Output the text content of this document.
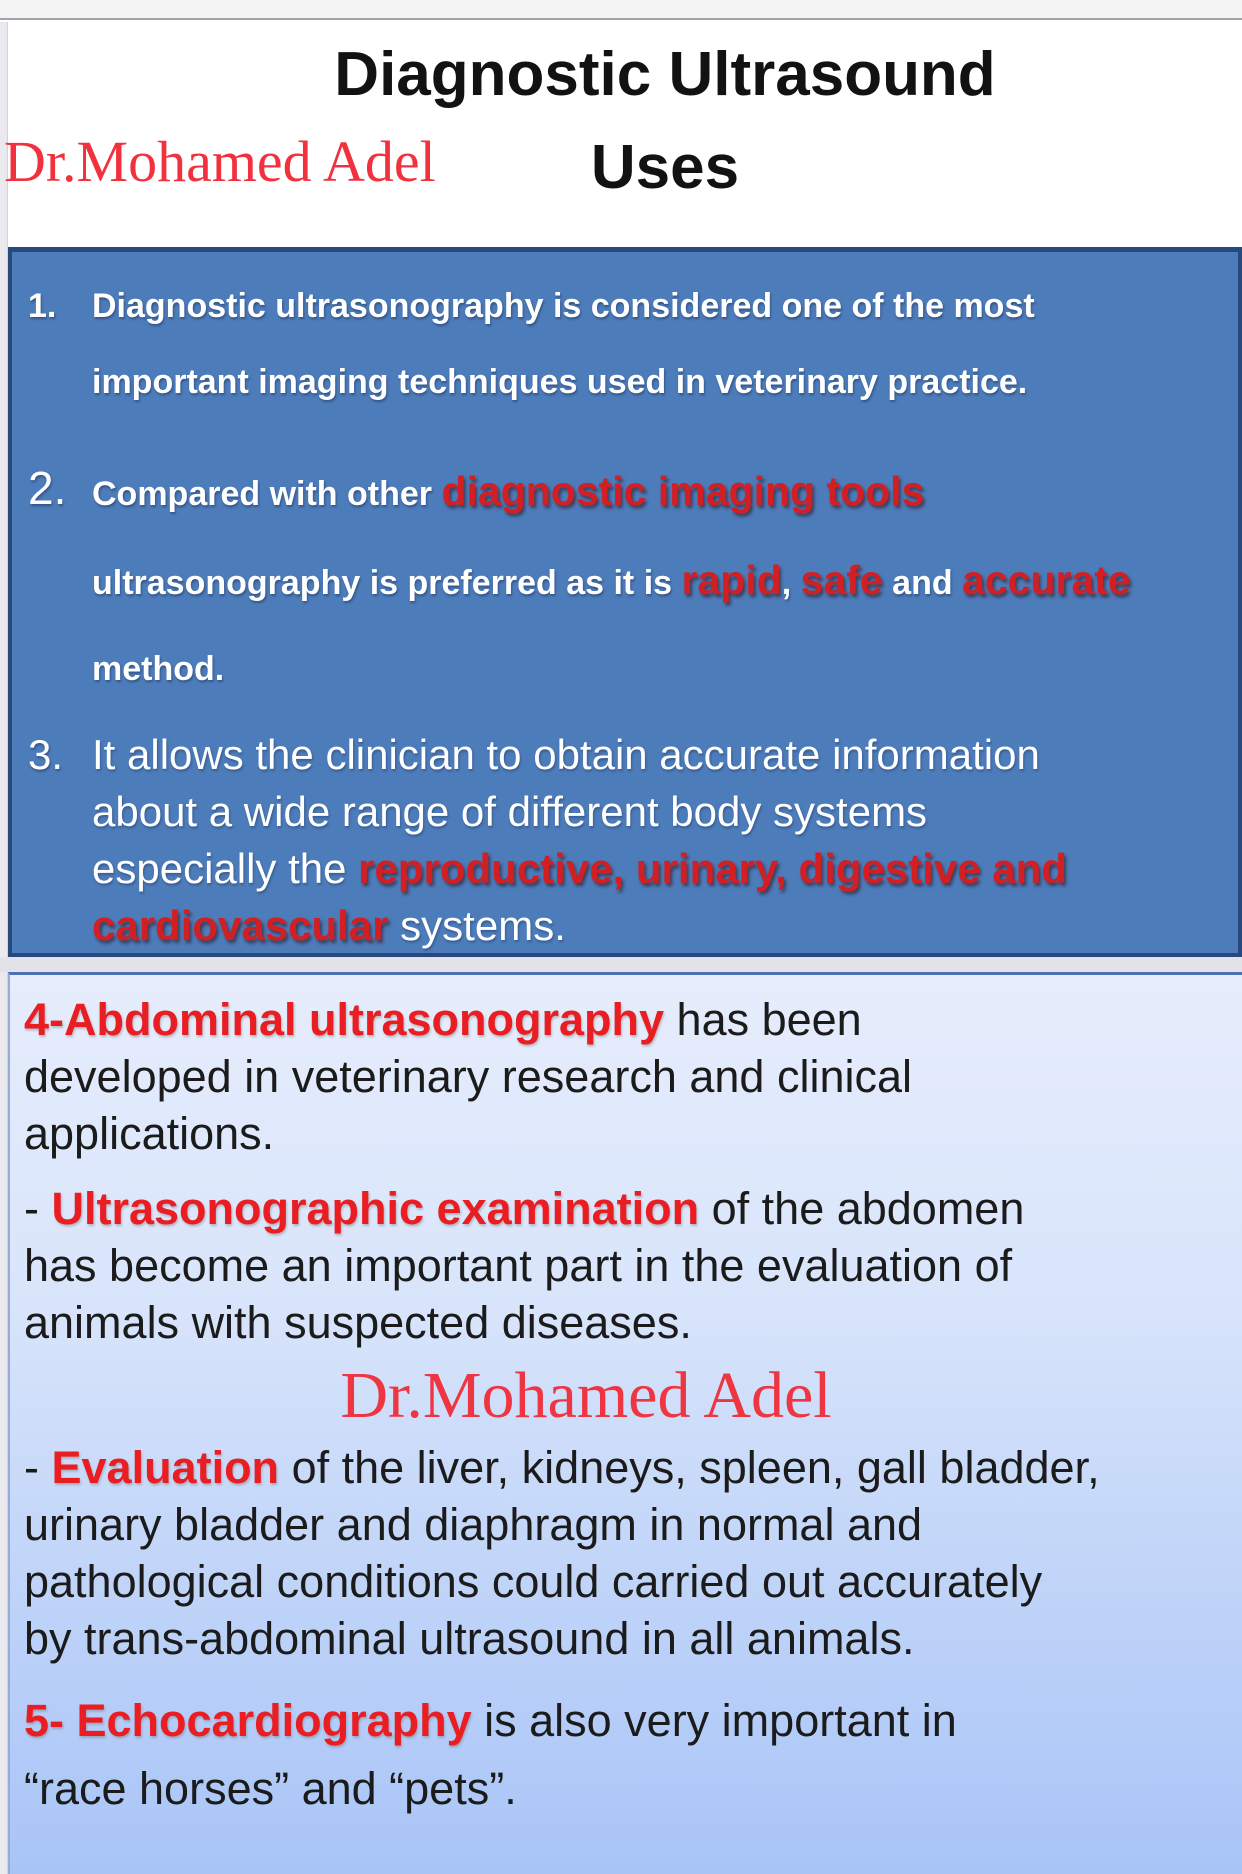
Diagnostic Ultrasound
Dr.Mohamed Adel	Uses
1.	Diagnostic ultrasonography is considered one of the most
important imaging techniques used in veterinary practice.
2. Compared with other diagnostic imaging tools
ultrasonography is preferred as it is rapid, safe and accurate
method.
3. It allows the clinician to obtain accurate information
about a wide range of different body systems
especially the reproductive, urinary, digestive and
cardiovascular systems.
4-Abdominal ultrasonography has been
developed in veterinary research and clinical
applications.
- Ultrasonographic examination of the abdomen
has become an important part in the evaluation of
animals with suspected diseases.
Dr.Mohamed Adel
- Evaluation of the liver, kidneys, spleen, gall bladder,
urinary bladder and diaphragm in normal and
pathological conditions could carried out accurately
by trans-abdominal ultrasound in all animals.
5- Echocardiography is also very important in
“race horses” and “pets”.
